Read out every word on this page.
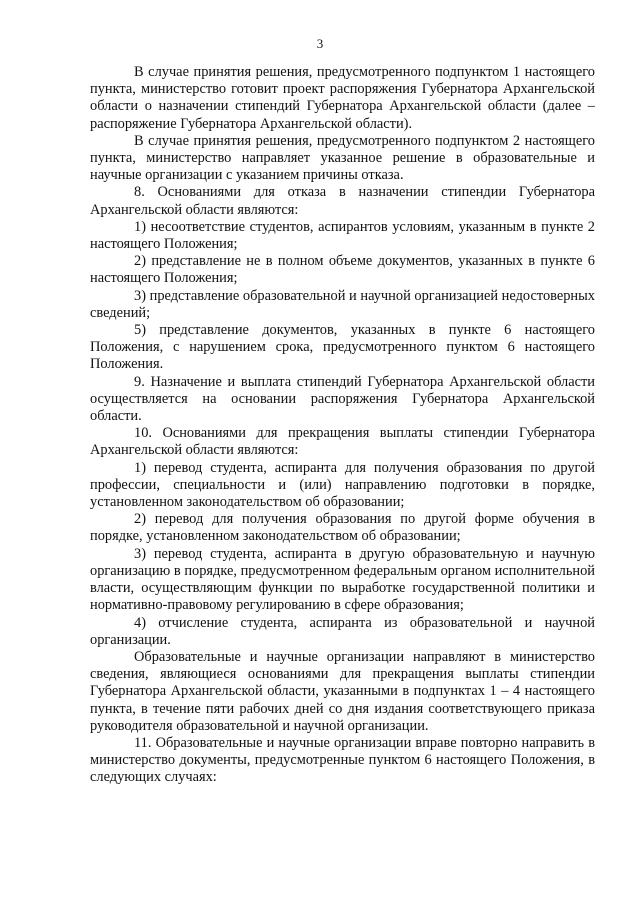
3

В случае принятия решения, предусмотренного подпунктом 1 настоящего пункта, министерство готовит проект распоряжения Губернатора Архангельской области о назначении стипендий Губернатора Архангельской области (далее – распоряжение Губернатора Архангельской области).

В случае принятия решения, предусмотренного подпунктом 2 настоящего пункта, министерство направляет указанное решение в образовательные и научные организации с указанием причины отказа.

8. Основаниями для отказа в назначении стипендии Губернатора Архангельской области являются:

1) несоответствие студентов, аспирантов условиям, указанным в пункте 2 настоящего Положения;

2) представление не в полном объеме документов, указанных в пункте 6 настоящего Положения;

3) представление образовательной и научной организацией недостоверных сведений;

5) представление документов, указанных в пункте 6 настоящего Положения, с нарушением срока, предусмотренного пунктом 6 настоящего Положения.

9. Назначение и выплата стипендий Губернатора Архангельской области осуществляется на основании распоряжения Губернатора Архангельской области.

10. Основаниями для прекращения выплаты стипендии Губернатора Архангельской области являются:

1) перевод студента, аспиранта для получения образования по другой профессии, специальности и (или) направлению подготовки в порядке, установленном законодательством об образовании;

2) перевод для получения образования по другой форме обучения в порядке, установленном законодательством об образовании;

3) перевод студента, аспиранта в другую образовательную и научную организацию в порядке, предусмотренном федеральным органом исполнительной власти, осуществляющим функции по выработке государственной политики и нормативно-правовому регулированию в сфере образования;

4) отчисление студента, аспиранта из образовательной и научной организации.

Образовательные и научные организации направляют в министерство сведения, являющиеся основаниями для прекращения выплаты стипендии Губернатора Архангельской области, указанными в подпунктах 1 – 4 настоящего пункта, в течение пяти рабочих дней со дня издания соответствующего приказа руководителя образовательной и научной организации.

11. Образовательные и научные организации вправе повторно направить в министерство документы, предусмотренные пунктом 6 настоящего Положения, в следующих случаях:
